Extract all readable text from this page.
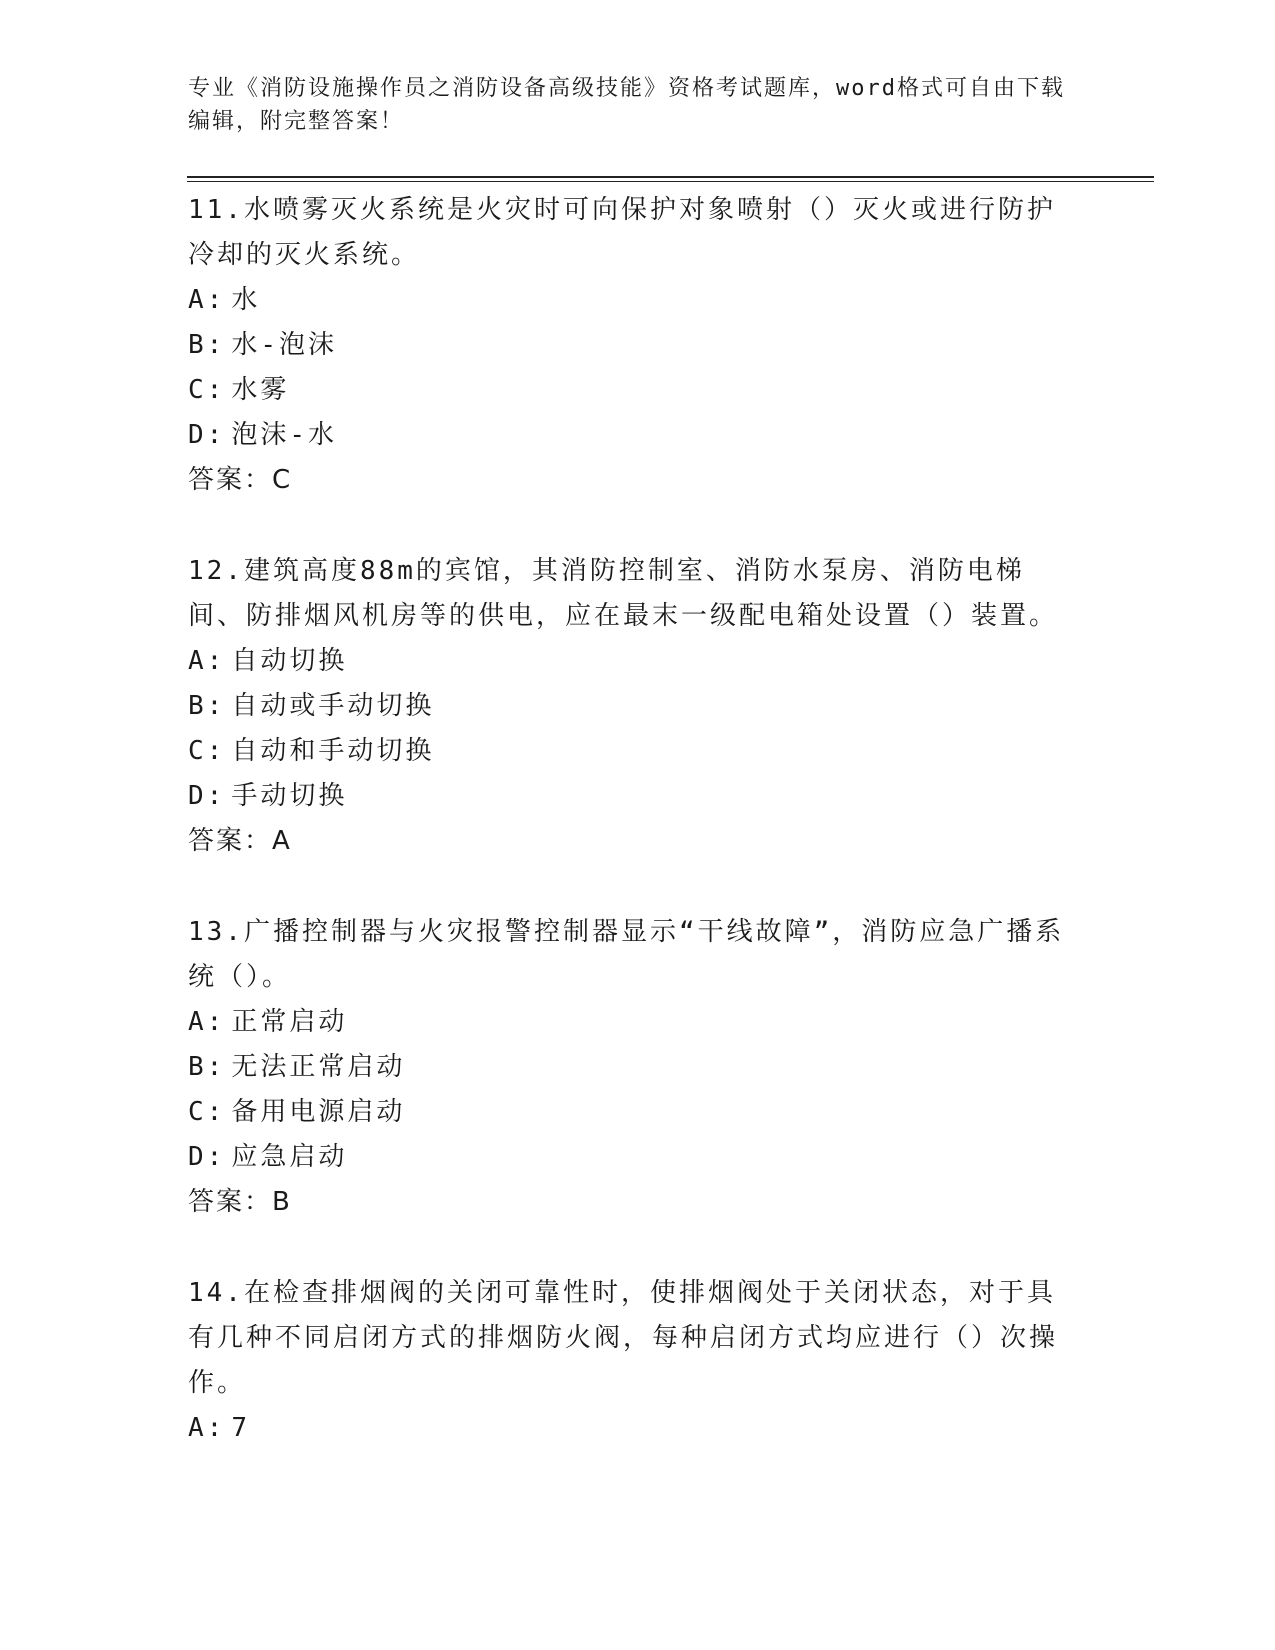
专业《消防设施操作员之消防设备高级技能》资格考试题库，word格式可自由下载编辑，附完整答案！
11.水喷雾灭火系统是火灾时可向保护对象喷射（）灭火或进行防护冷却的灭火系统。
A: 水
B: 水-泡沫
C: 水雾
D: 泡沫-水
答案：C
12.建筑高度88m的宾馆，其消防控制室、消防水泵房、消防电梯间、防排烟风机房等的供电，应在最末一级配电箱处设置（）装置。
A: 自动切换
B: 自动或手动切换
C: 自动和手动切换
D: 手动切换
答案：A
13.广播控制器与火灾报警控制器显示“干线故障”，消防应急广播系统（）。
A: 正常启动
B: 无法正常启动
C: 备用电源启动
D: 应急启动
答案：B
14.在检查排烟阀的关闭可靠性时，使排烟阀处于关闭状态，对于具有几种不同启闭方式的排烟防火阀，每种启闭方式均应进行（）次操作。
A: 7
